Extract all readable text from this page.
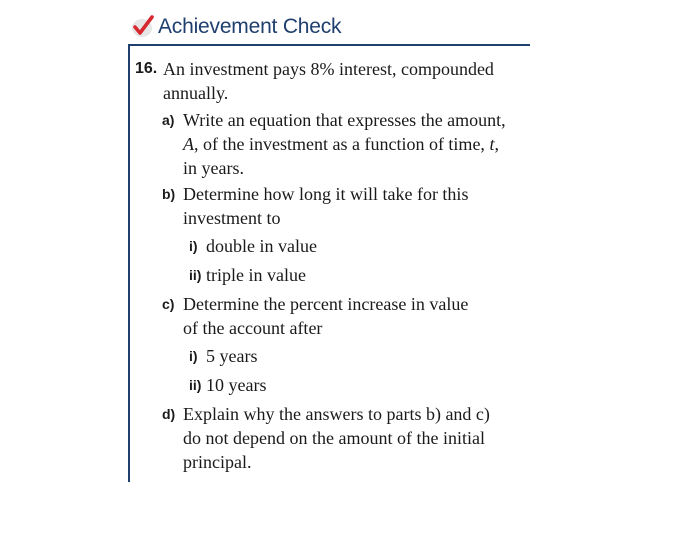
Achievement Check
16. An investment pays 8% interest, compounded
annually.
a) Write an equation that expresses the amount,
A, of the investment as a function of time, t,
in years.
b) Determine how long it will take for this
investment to
i) double in value
ii) triple in value
c) Determine the percent increase in value
of the account after
i) 5 years
ii) 10 years
d) Explain why the answers to parts b) and c)
do not depend on the amount of the initial
principal.
